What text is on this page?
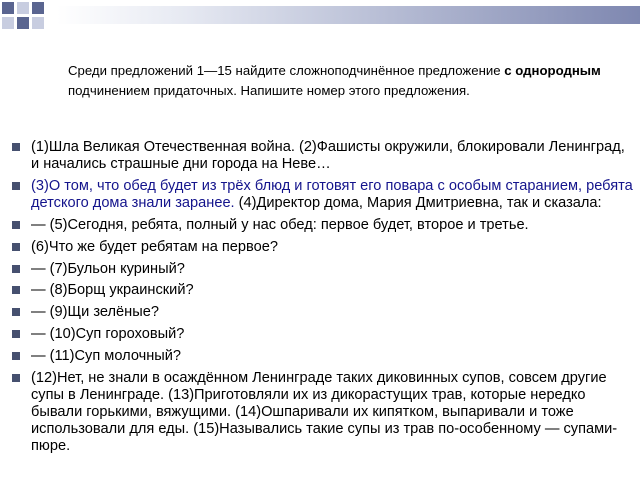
Среди предложений 1—15 найдите сложноподчинённое предложение с однородным подчинением придаточных. Напишите номер этого предложения.
(1)Шла Великая Отечественная война. (2)Фашисты окружили, блокировали Ленинград, и начались страшные дни города на Неве…
(3)О том, что обед будет из трёх блюд и готовят его повара с особым старанием, ребята детского дома знали заранее. (4)Директор дома, Мария Дмитриевна, так и сказала:
— (5)Сегодня, ребята, полный у нас обед: первое будет, второе и третье.
(6)Что же будет ребятам на первое?
— (7)Бульон куриный?
— (8)Борщ украинский?
— (9)Щи зелёные?
— (10)Суп гороховый?
— (11)Суп молочный?
(12)Нет, не знали в осаждённом Ленинграде таких диковинных супов, совсем другие супы в Ленинграде. (13)Приготовляли их из дикорастущих трав, которые нередко бывали горькими, вяжущими. (14)Ошпаривали их кипятком, выпаривали и тоже использовали для еды. (15)Назывались такие супы из трав по-особенному — супами-пюре.
